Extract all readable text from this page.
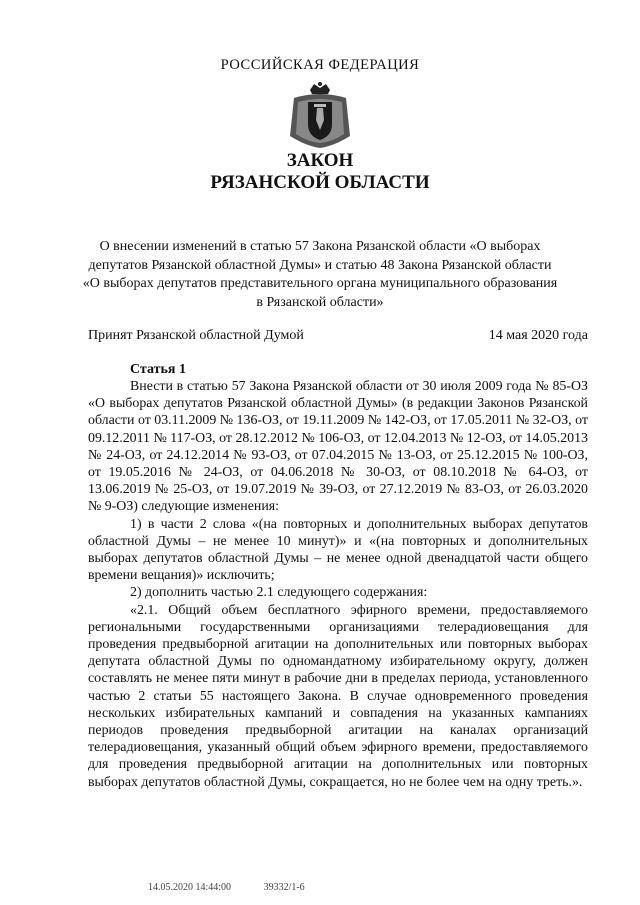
РОССИЙСКАЯ ФЕДЕРАЦИЯ
ЗАКОН
РЯЗАНСКОЙ ОБЛАСТИ
О внесении изменений в статью 57 Закона Рязанской области «О выборах депутатов Рязанской областной Думы» и статью 48 Закона Рязанской области «О выборах депутатов представительного органа муниципального образования в Рязанской области»
Принят Рязанской областной Думой	14 мая 2020 года
Статья 1

Внести в статью 57 Закона Рязанской области от 30 июля 2009 года № 85-ОЗ «О выборах депутатов Рязанской областной Думы» (в редакции Законов Рязанской области от 03.11.2009 № 136-ОЗ, от 19.11.2009 № 142-ОЗ, от 17.05.2011 № 32-ОЗ, от 09.12.2011 № 117-ОЗ, от 28.12.2012 № 106-ОЗ, от 12.04.2013 № 12-ОЗ, от 14.05.2013 № 24-ОЗ, от 24.12.2014 № 93-ОЗ, от 07.04.2015 № 13-ОЗ, от 25.12.2015 № 100-ОЗ, от 19.05.2016 № 24-ОЗ, от 04.06.2018 № 30-ОЗ, от 08.10.2018 № 64-ОЗ, от 13.06.2019 № 25-ОЗ, от 19.07.2019 № 39-ОЗ, от 27.12.2019 № 83-ОЗ, от 26.03.2020 № 9-ОЗ) следующие изменения:

1) в части 2 слова «(на повторных и дополнительных выборах депутатов областной Думы – не менее 10 минут)» и «(на повторных и дополнительных выборах депутатов областной Думы – не менее одной двенадцатой части общего времени вещания)» исключить;

2) дополнить частью 2.1 следующего содержания:

«2.1. Общий объем бесплатного эфирного времени, предоставляемого региональными государственными организациями телерадиовещания для проведения предвыборной агитации на дополнительных или повторных выборах депутата областной Думы по одномандатному избирательному округу, должен составлять не менее пяти минут в рабочие дни в пределах периода, установленного частью 2 статьи 55 настоящего Закона. В случае одновременного проведения нескольких избирательных кампаний и совпадения на указанных кампаниях периодов проведения предвыборной агитации на каналах организаций телерадиовещания, указанный общий объем эфирного времени, предоставляемого для проведения предвыборной агитации на дополнительных или повторных выборах депутатов областной Думы, сокращается, но не более чем на одну треть.».

14.05.2020 14:44:00	39332/1-6
